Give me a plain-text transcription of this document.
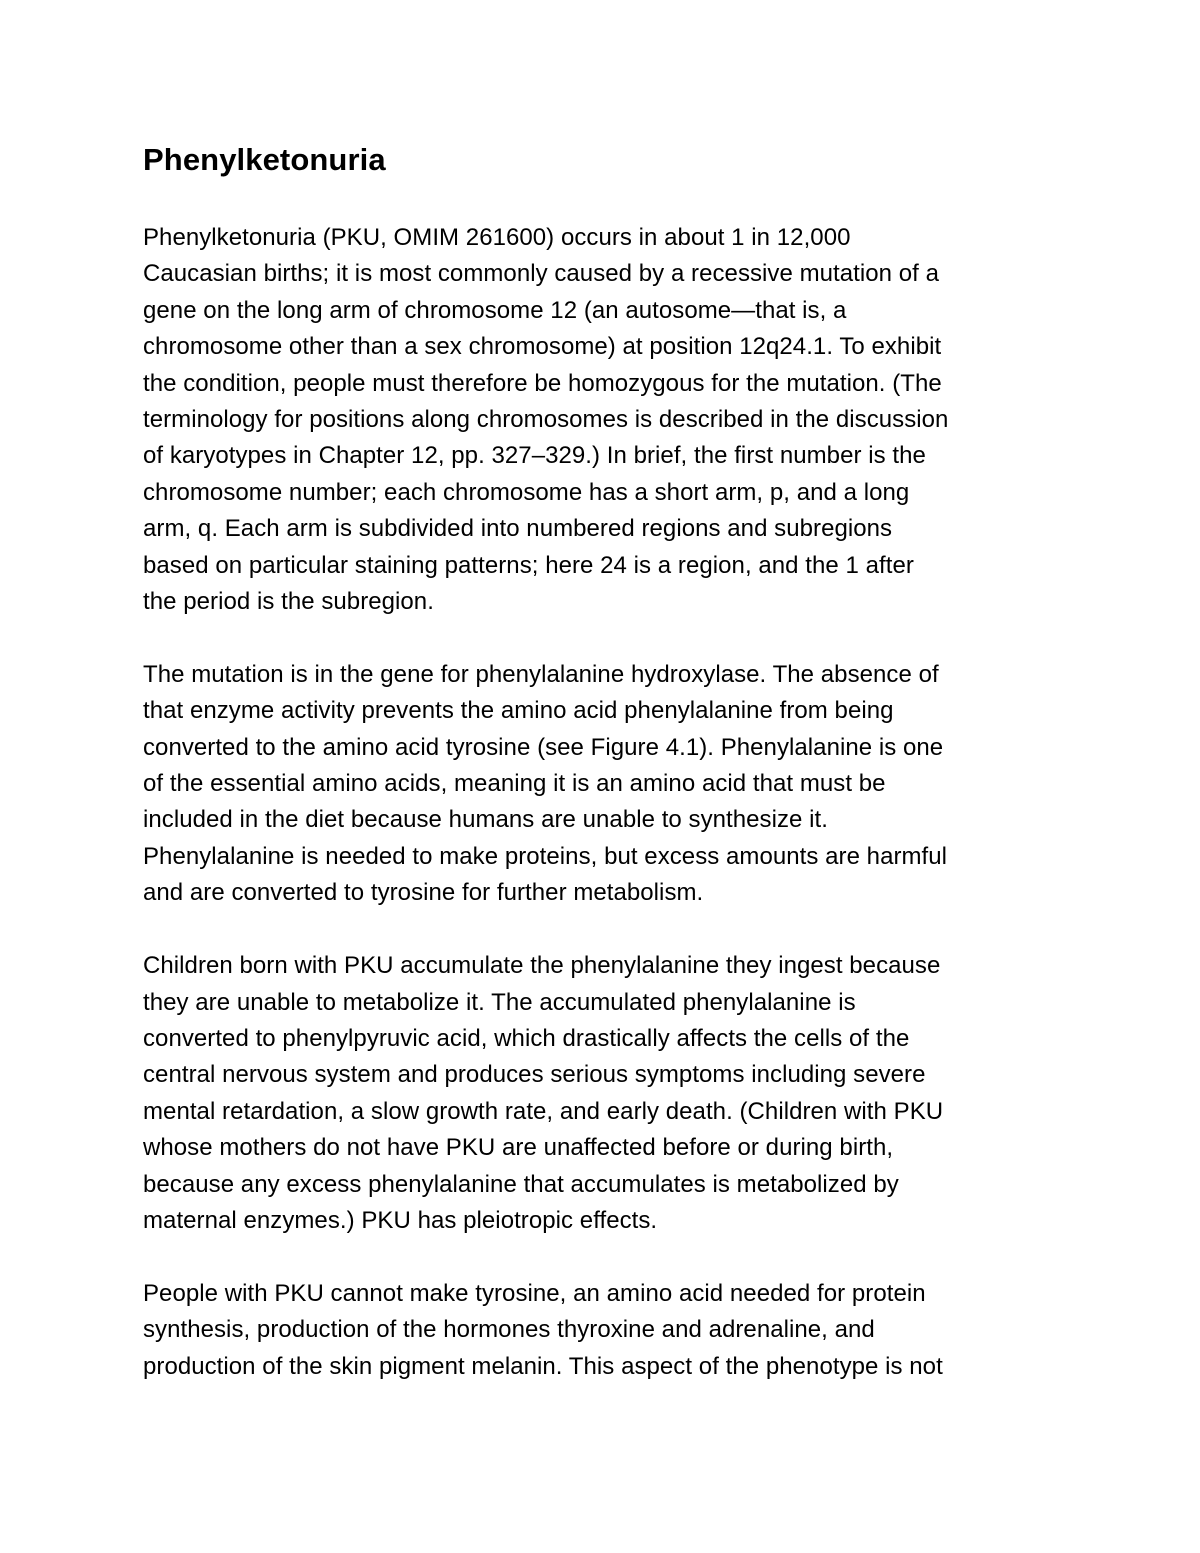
Phenylketonuria
Phenylketonuria (PKU, OMIM 261600) occurs in about 1 in 12,000
Caucasian births; it is most commonly caused by a recessive mutation of a
gene on the long arm of chromosome 12 (an autosome—that is, a
chromosome other than a sex chromosome) at position 12q24.1. To exhibit
the condition, people must therefore be homozygous for the mutation. (The
terminology for positions along chromosomes is described in the discussion
of karyotypes in Chapter 12, pp. 327–329.) In brief, the first number is the
chromosome number; each chromosome has a short arm, p, and a long
arm, q. Each arm is subdivided into numbered regions and subregions
based on particular staining patterns; here 24 is a region, and the 1 after
the period is the subregion.
The mutation is in the gene for phenylalanine hydroxylase. The absence of
that enzyme activity prevents the amino acid phenylalanine from being
converted to the amino acid tyrosine (see Figure 4.1). Phenylalanine is one
of the essential amino acids, meaning it is an amino acid that must be
included in the diet because humans are unable to synthesize it.
Phenylalanine is needed to make proteins, but excess amounts are harmful
and are converted to tyrosine for further metabolism.
Children born with PKU accumulate the phenylalanine they ingest because
they are unable to metabolize it. The accumulated phenylalanine is
converted to phenylpyruvic acid, which drastically affects the cells of the
central nervous system and produces serious symptoms including severe
mental retardation, a slow growth rate, and early death. (Children with PKU
whose mothers do not have PKU are unaffected before or during birth,
because any excess phenylalanine that accumulates is metabolized by
maternal enzymes.) PKU has pleiotropic effects.
People with PKU cannot make tyrosine, an amino acid needed for protein
synthesis, production of the hormones thyroxine and adrenaline, and
production of the skin pigment melanin. This aspect of the phenotype is not
